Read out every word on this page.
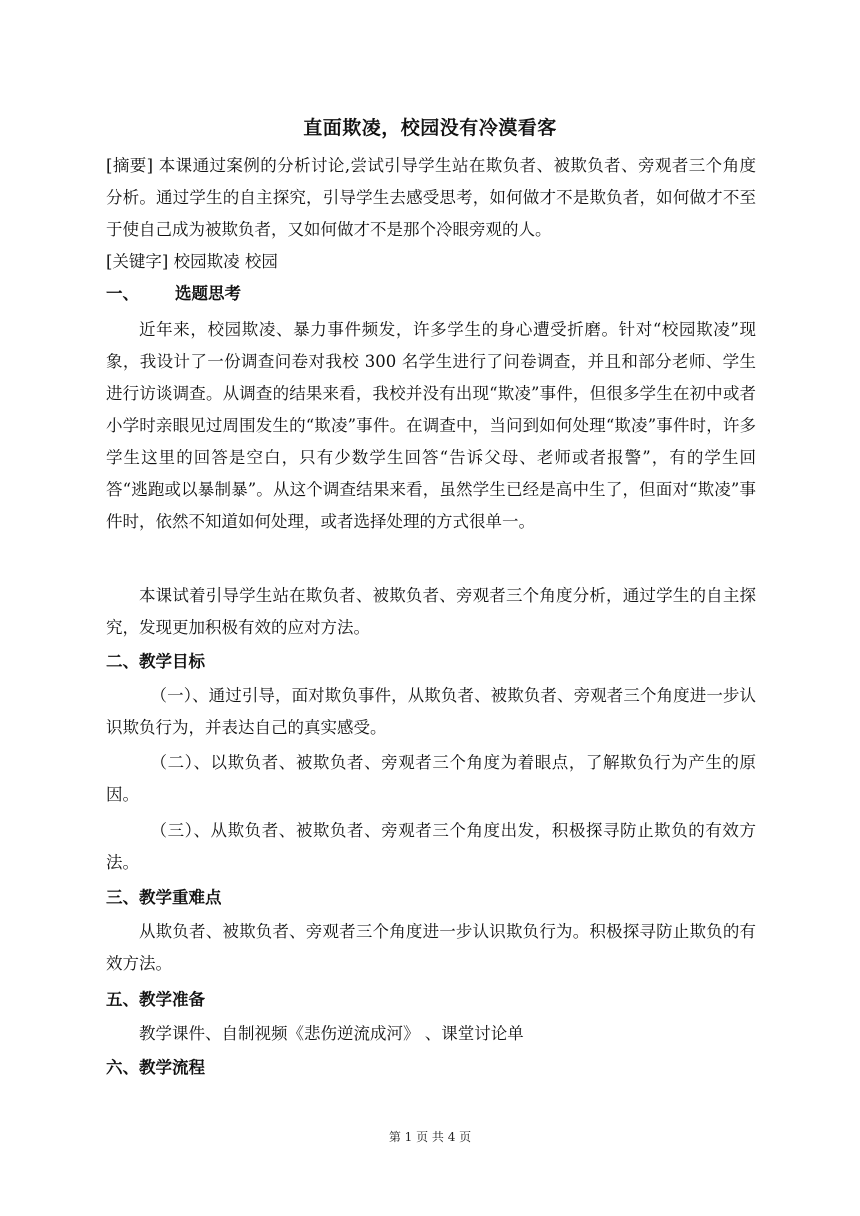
直面欺凌，校园没有冷漠看客
[摘要] 本课通过案例的分析讨论,尝试引导学生站在欺负者、被欺负者、旁观者三个角度分析。通过学生的自主探究，引导学生去感受思考，如何做才不是欺负者，如何做才不至于使自己成为被欺负者，又如何做才不是那个冷眼旁观的人。
[关键字] 校园欺凌 校园
一、 选题思考
近年来，校园欺凌、暴力事件频发，许多学生的身心遭受折磨。针对“校园欺凌”现象，我设计了一份调查问卷对我校 300 名学生进行了问卷调查，并且和部分老师、学生进行访谈调查。从调查的结果来看，我校并没有出现“欺凌”事件，但很多学生在初中或者小学时亲眼见过周围发生的“欺凌”事件。在调查中，当问到如何处理“欺凌”事件时，许多学生这里的回答是空白，只有少数学生回答“告诉父母、老师或者报警”，有的学生回答“逃跑或以暴制暴”。从这个调查结果来看，虽然学生已经是高中生了，但面对“欺凌”事件时，依然不知道如何处理，或者选择处理的方式很单一。
本课试着引导学生站在欺负者、被欺负者、旁观者三个角度分析，通过学生的自主探究，发现更加积极有效的应对方法。
二、教学目标
（一）、通过引导，面对欺负事件，从欺负者、被欺负者、旁观者三个角度进一步认识欺负行为，并表达自己的真实感受。
（二）、以欺负者、被欺负者、旁观者三个角度为着眼点，了解欺负行为产生的原因。
（三）、从欺负者、被欺负者、旁观者三个角度出发，积极探寻防止欺负的有效方法。
三、教学重难点
从欺负者、被欺负者、旁观者三个角度进一步认识欺负行为。积极探寻防止欺负的有效方法。
五、教学准备
教学课件、自制视频《悲伤逆流成河》 、课堂讨论单
六、教学流程
第 1 页 共 4 页
